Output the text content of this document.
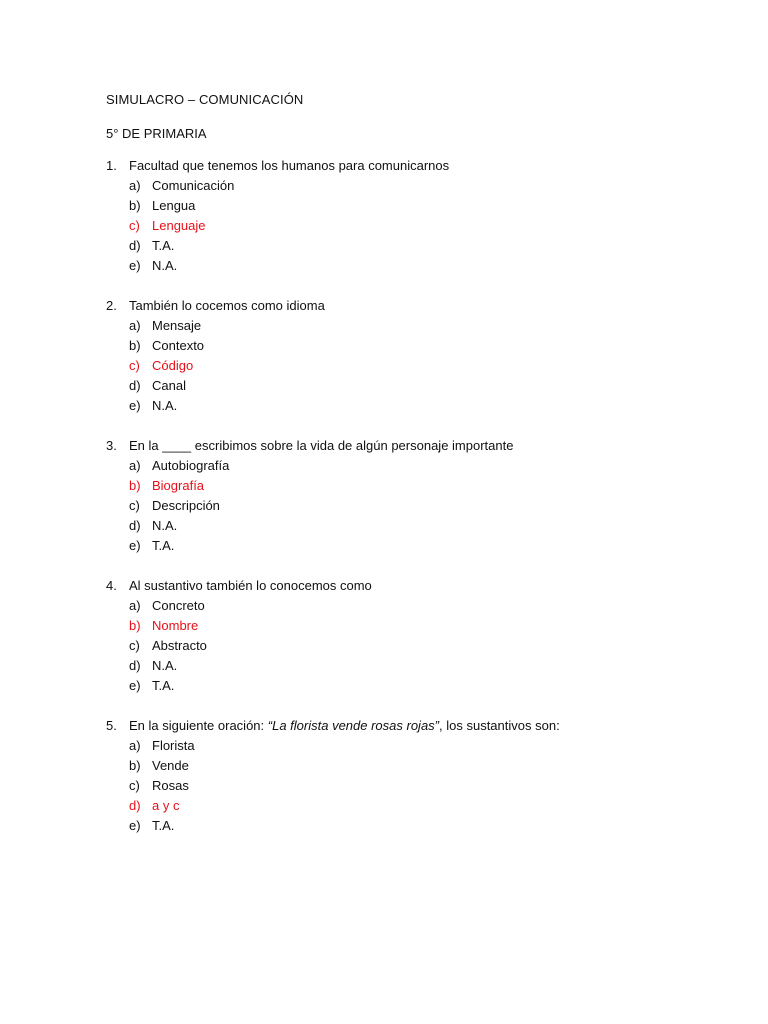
SIMULACRO – COMUNICACIÓN
5° DE PRIMARIA
1. Facultad que tenemos los humanos para comunicarnos
a) Comunicación
b) Lengua
c) Lenguaje
d) T.A.
e) N.A.
2. También lo cocemos como idioma
a) Mensaje
b) Contexto
c) Código
d) Canal
e) N.A.
3. En la ____ escribimos sobre la vida de algún personaje importante
a) Autobiografía
b) Biografía
c) Descripción
d) N.A.
e) T.A.
4. Al sustantivo también lo conocemos como
a) Concreto
b) Nombre
c) Abstracto
d) N.A.
e) T.A.
5. En la siguiente oración: “La florista vende rosas rojas”, los sustantivos son:
a) Florista
b) Vende
c) Rosas
d) a y c
e) T.A.
